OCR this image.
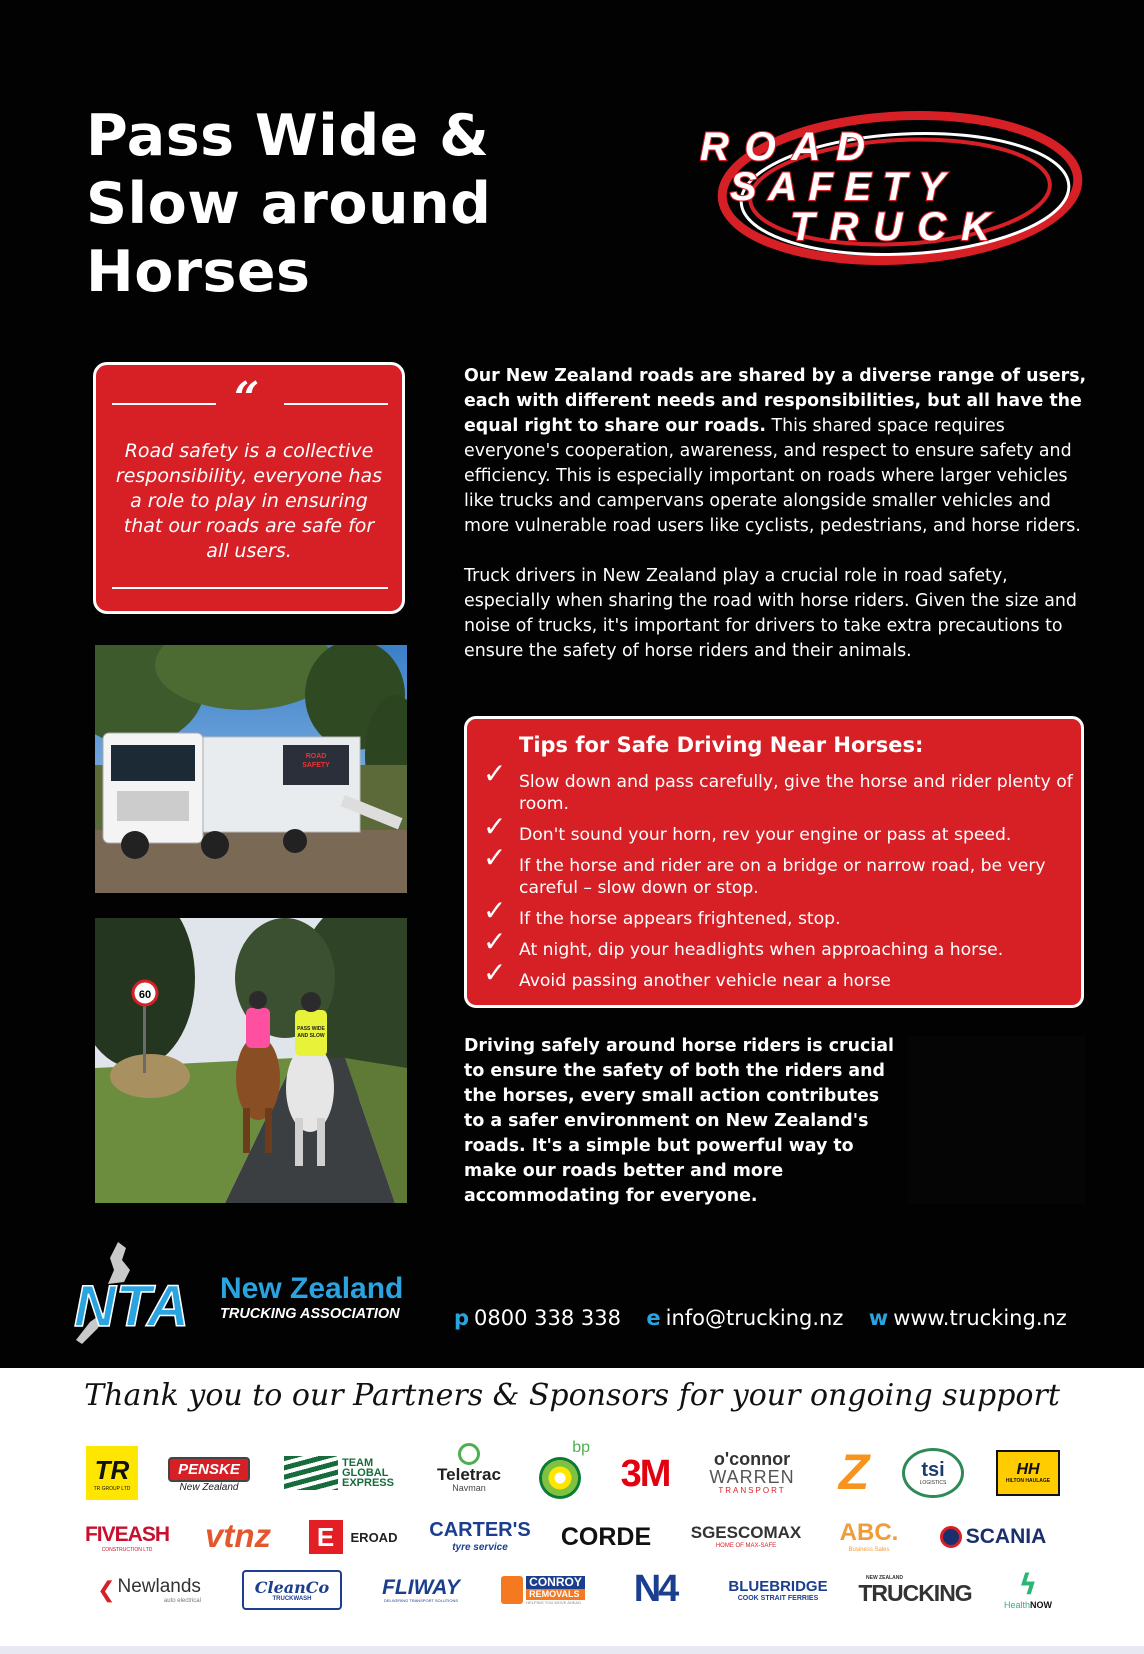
Pass Wide &
Slow around
Horses
ROAD
SAFETY
TRUCK
“
Road safety is a collective responsibility, everyone has a role to play in ensuring that our roads are safe for all users.
ROAD
SAFETY
60
PASS WIDE
AND SLOW

Our New Zealand roads are shared by a diverse range of users, each with different needs and responsibilities, but all have the equal right to share our roads. This shared space requires everyone's cooperation, awareness, and respect to ensure safety and efficiency. This is especially important on roads where larger vehicles like trucks and campervans operate alongside smaller vehicles and more vulnerable road users like cyclists, pedestrians, and horse riders.

Truck drivers in New Zealand play a crucial role in road safety, especially when sharing the road with horse riders. Given the size and noise of trucks, it's important for drivers to take extra precautions to ensure the safety of horse riders and their animals.

Tips for Safe Driving Near Horses:
✓ Slow down and pass carefully, give the horse and rider plenty of room.
✓ Don't sound your horn, rev your engine or pass at speed.
✓ If the horse and rider are on a bridge or narrow road, be very careful – slow down or stop.
✓ If the horse appears frightened, stop.
✓ At night, dip your headlights when approaching a horse.
✓ Avoid passing another vehicle near a horse
Driving safely around horse riders is crucial to ensure the safety of both the riders and the horses, every small action contributes to a safer environment on New Zealand's roads. It's a simple but powerful way to make our roads better and more accommodating for everyone.
NTA New Zealand
TRUCKING ASSOCIATION	p 0800 338 338 e info@trucking.nz w www.trucking.nz
Thank you to our Partners & Sponsors for your ongoing support
TR
TR GROUP LTD
PENSKE
New Zealand
TEAM GLOBAL EXPRESS	Teletrac
Navman
bp
3M o'connor
WARREN
TRANSPORT Z	tsi
LOGISTICS
HH
HILTON HAULAGE
FIVEASH
CONSTRUCTION LTD vtnz	E	EROAD CARTER'S
tyre service CORDE SGESCOMAX
HOME OF MAX-SAFE	ABC.
Business Sales
SCANIA
❮ Newlands
auto electrical
CleanCo
TRUCKWASH	FLIWAY
DELIVERING TRANSPORT SOLUTIONS
CONROY
REMOVALS
HELPING YOU MOVE AHEAD N4	BLUEBRIDGE
COOK STRAIT FERRIES
NEW ZEALAND
TRUCKING ϟ
HealthNOW
